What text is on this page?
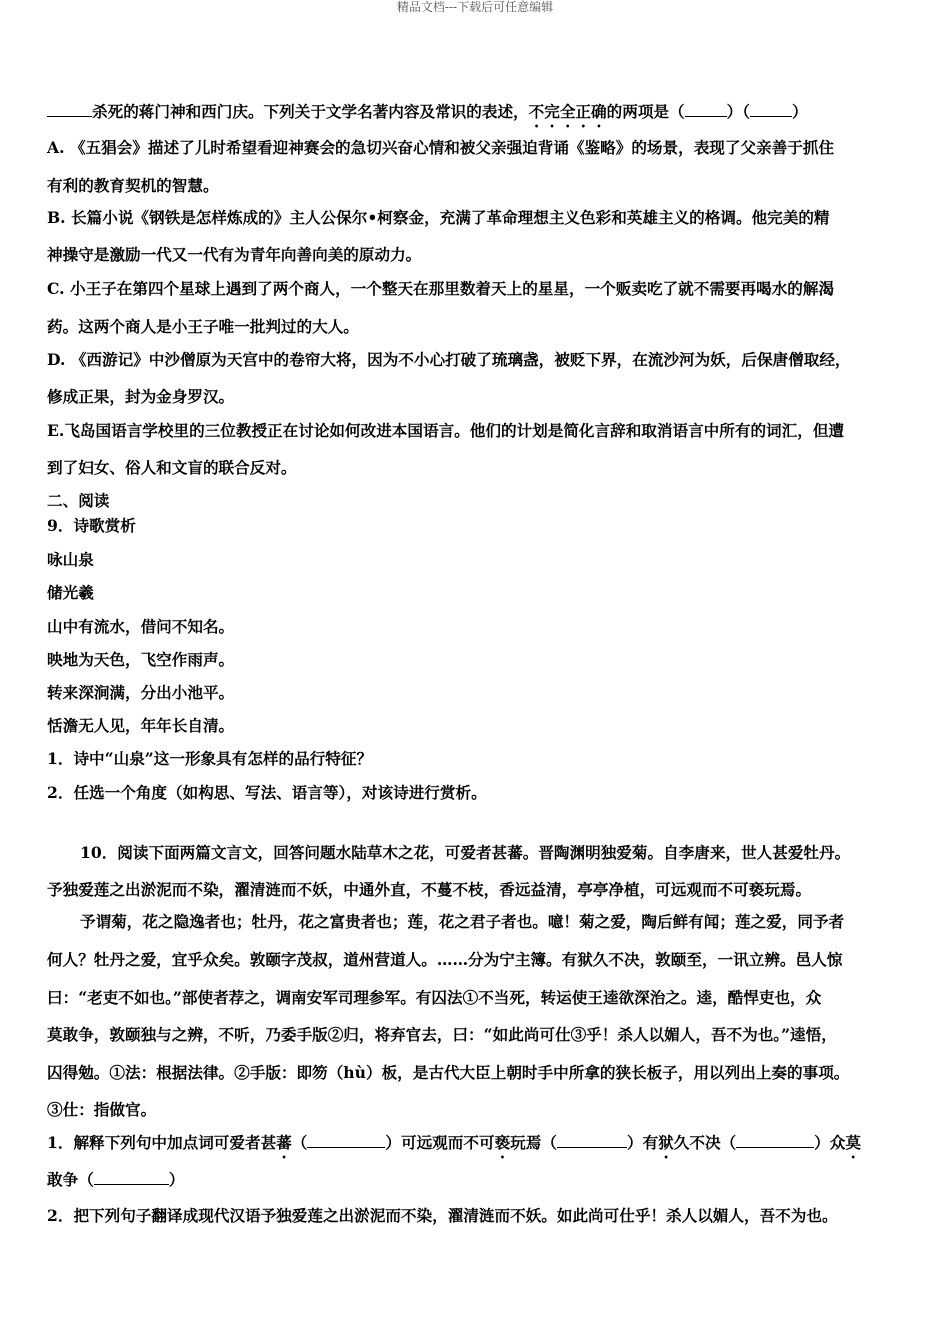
精品文档---下载后可任意编辑
杀死的蒋门神和西门庆。下列关于文学名著内容及常识的表述，不完全正确的两项是（	）（	）
A. 《五猖会》描述了儿时希望看迎神赛会的急切兴奋心情和被父亲强迫背诵《鉴略》的场景，表现了父亲善于抓住
有利的教育契机的智慧。
B. 长篇小说《钢铁是怎样炼成的》主人公保尔•柯察金，充满了革命理想主义色彩和英雄主义的格调。他完美的精
神操守是激励一代又一代有为青年向善向美的原动力。
C. 小王子在第四个星球上遇到了两个商人，一个整天在那里数着天上的星星，一个贩卖吃了就不需要再喝水的解渴
药。这两个商人是小王子唯一批判过的大人。
D. 《西游记》中沙僧原为天宫中的卷帘大将，因为不小心打破了琉璃盏，被贬下界，在流沙河为妖，后保唐僧取经，
修成正果，封为金身罗汉。
E.飞岛国语言学校里的三位教授正在讨论如何改进本国语言。他们的计划是简化言辞和取消语言中所有的词汇，但遭
到了妇女、俗人和文盲的联合反对。
二、阅读
9．诗歌赏析
咏山泉
储光羲
山中有流水，借问不知名。
映地为天色，飞空作雨声。
转来深涧满，分出小池平。
恬澹无人见，年年长自清。
1．诗中“山泉”这一形象具有怎样的品行特征？
2．任选一个角度（如构思、写法、语言等），对该诗进行赏析。
10．阅读下面两篇文言文，回答问题水陆草木之花，可爱者甚蕃。晋陶渊明独爱菊。自李唐来，世人甚爱牡丹。
予独爱莲之出淤泥而不染，濯清涟而不妖，中通外直，不蔓不枝，香远益清，亭亭净植，可远观而不可亵玩焉。
予谓菊，花之隐逸者也；牡丹，花之富贵者也；莲，花之君子者也。噫！菊之爱，陶后鲜有闻；莲之爱，同予者
何人？牡丹之爱，宜乎众矣。敦颐字茂叔，道州营道人。……分为宁主簿。有狱久不决，敦颐至，一讯立辨。邑人惊
曰：“老吏不如也。”部使者荐之，调南安军司理参军。有囚法①不当死，转运使王逵欲深治之。逵，酷悍吏也，众
莫敢争，敦颐独与之辨，不听，乃委手版②归，将弃官去，曰：“如此尚可仕③乎！杀人以媚人，吾不为也。”逵悟，
囚得勉。①法：根据法律。②手版：即笏（hù）板，是古代大臣上朝时手中所拿的狭长板子，用以列出上奏的事项。
③仕：指做官。
1．解释下列句中加点词可爱者甚蕃（	）可远观而不可亵玩焉（	）有狱久不决（	）众莫
敢争（	）
2．把下列句子翻译成现代汉语予独爱莲之出淤泥而不染，濯清涟而不妖。如此尚可仕乎！杀人以媚人，吾不为也。
